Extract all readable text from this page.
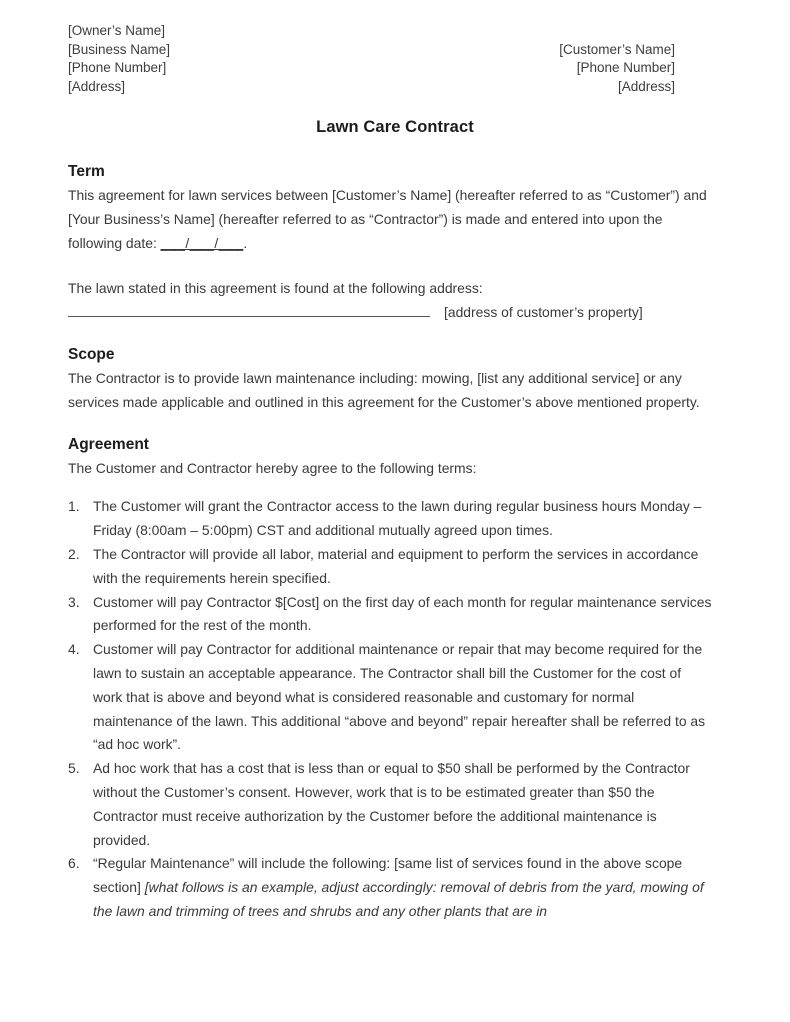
[Owner’s Name]
[Business Name]
[Phone Number]
[Address]
[Customer’s Name]
[Phone Number]
[Address]
Lawn Care Contract
Term

This agreement for lawn services between [Customer’s Name] (hereafter referred to as “Customer”) and [Your Business’s Name] (hereafter referred to as “Contractor”) is made and entered into upon the following date: ___/___/___.

The lawn stated in this agreement is found at the following address:

[address of customer’s property]
Scope

The Contractor is to provide lawn maintenance including: mowing, [list any additional service] or any services made applicable and outlined in this agreement for the Customer’s above mentioned property.

Agreement

The Customer and Contractor hereby agree to the following terms:

1. The Customer will grant the Contractor access to the lawn during regular business hours Monday – Friday (8:00am – 5:00pm) CST and additional mutually agreed upon times.
2. The Contractor will provide all labor, material and equipment to perform the services in accordance with the requirements herein specified.
3. Customer will pay Contractor $[Cost] on the first day of each month for regular maintenance services performed for the rest of the month.
4. Customer will pay Contractor for additional maintenance or repair that may become required for the lawn to sustain an acceptable appearance. The Contractor shall bill the Customer for the cost of work that is above and beyond what is considered reasonable and customary for normal maintenance of the lawn. This additional “above and beyond” repair hereafter shall be referred to as “ad hoc work”.
5. Ad hoc work that has a cost that is less than or equal to $50 shall be performed by the Contractor without the Customer’s consent. However, work that is to be estimated greater than $50 the Contractor must receive authorization by the Customer before the additional maintenance is provided.
6. “Regular Maintenance” will include the following: [same list of services found in the above scope section] [what follows is an example, adjust accordingly: removal of debris from the yard, mowing of the lawn and trimming of trees and shrubs and any other plants that are in
